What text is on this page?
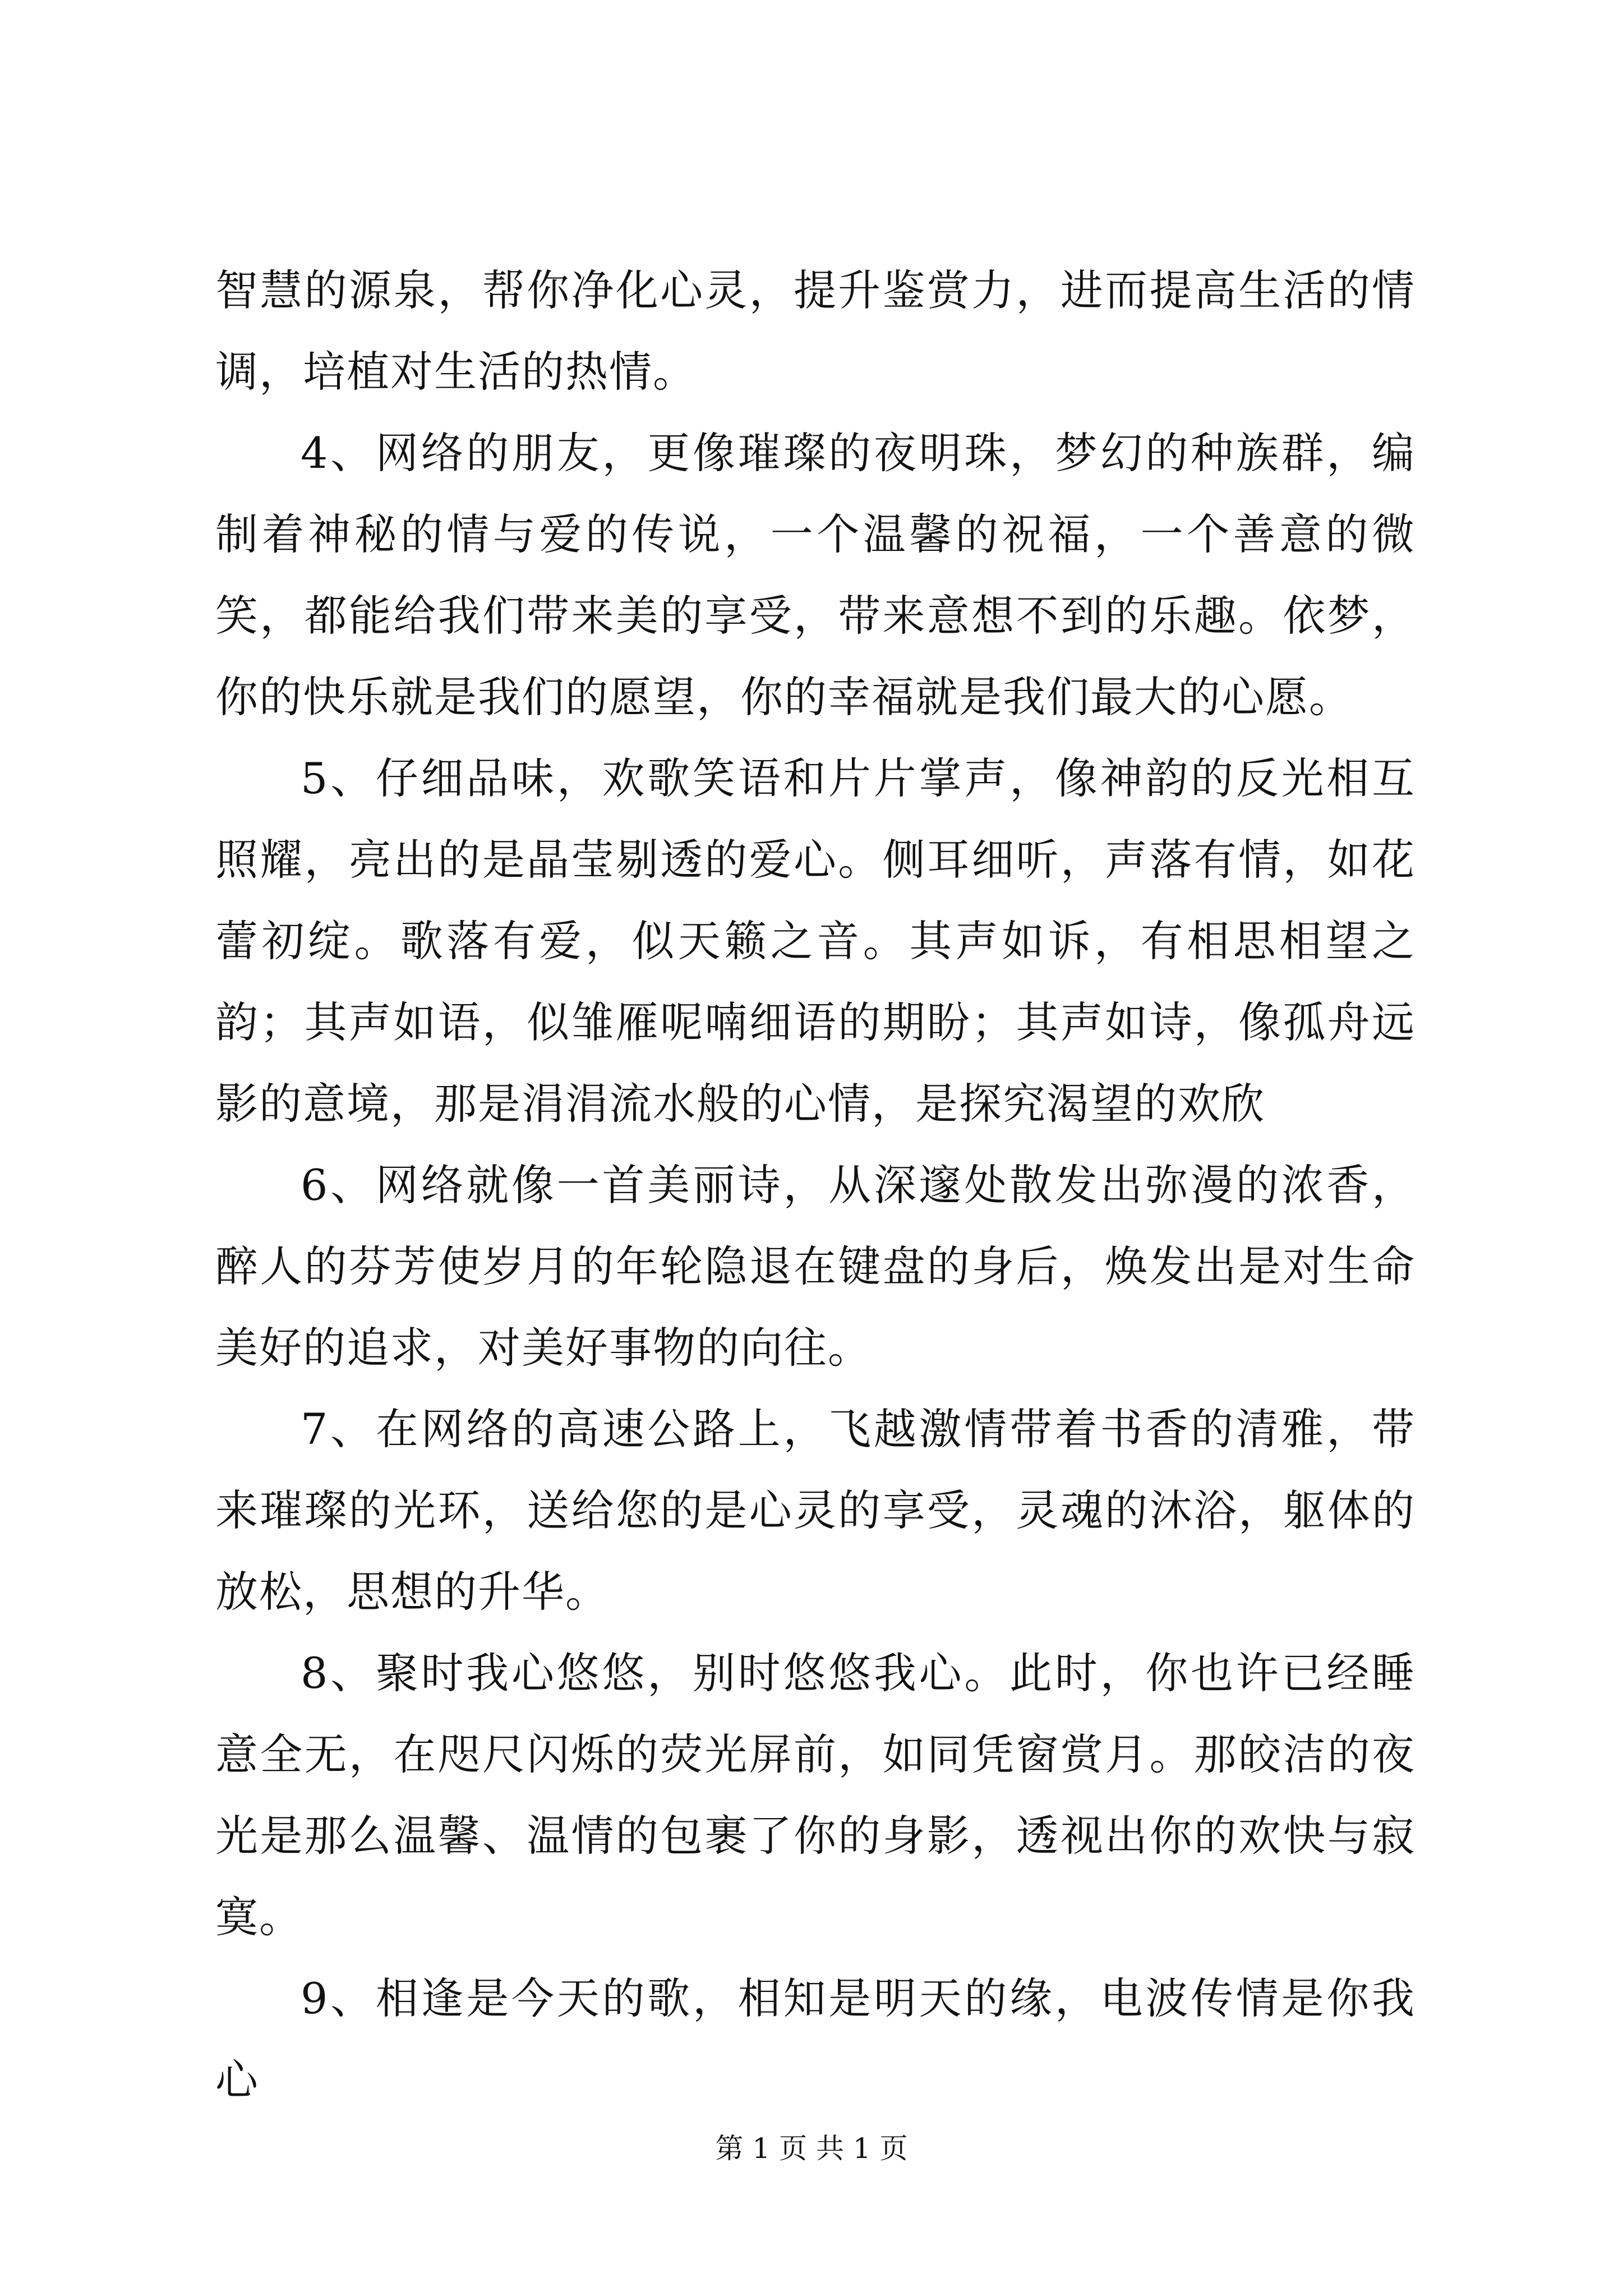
智慧的源泉，帮你净化心灵，提升鉴赏力，进而提高生活的情调，培植对生活的热情。

4、网络的朋友，更像璀璨的夜明珠，梦幻的种族群，编制着神秘的情与爱的传说，一个温馨的祝福，一个善意的微笑，都能给我们带来美的享受，带来意想不到的乐趣。依梦，你的快乐就是我们的愿望，你的幸福就是我们最大的心愿。

5、仔细品味，欢歌笑语和片片掌声，像神韵的反光相互照耀，亮出的是晶莹剔透的爱心。侧耳细听，声落有情，如花蕾初绽。歌落有爱，似天籁之音。其声如诉，有相思相望之韵；其声如语，似雏雁呢喃细语的期盼；其声如诗，像孤舟远影的意境，那是涓涓流水般的心情，是探究渴望的欢欣

6、网络就像一首美丽诗，从深邃处散发出弥漫的浓香，醉人的芬芳使岁月的年轮隐退在键盘的身后，焕发出是对生命美好的追求，对美好事物的向往。

7、在网络的高速公路上，飞越激情带着书香的清雅，带来璀璨的光环，送给您的是心灵的享受，灵魂的沐浴，躯体的放松，思想的升华。

8、聚时我心悠悠，别时悠悠我心。此时，你也许已经睡意全无，在咫尺闪烁的荧光屏前，如同凭窗赏月。那皎洁的夜光是那么温馨、温情的包裹了你的身影，透视出你的欢快与寂寞。

9、相逢是今天的歌，相知是明天的缘，电波传情是你我心

第 1 页 共 1 页
